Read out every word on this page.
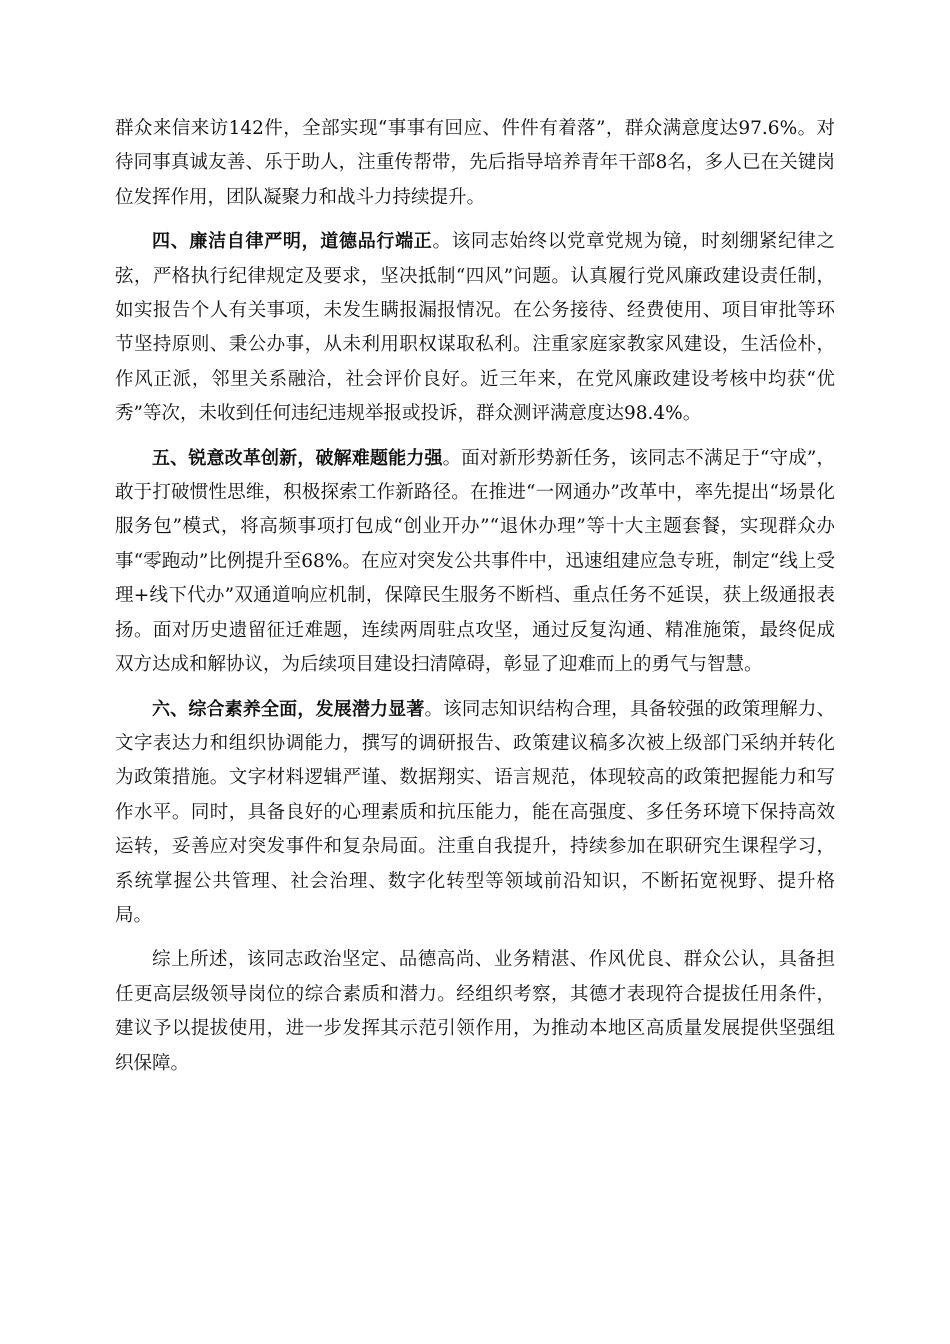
群众来信来访142件，全部实现“事事有回应、件件有着落”，群众满意度达97.6%。对待同事真诚友善、乐于助人，注重传帮带，先后指导培养青年干部8名，多人已在关键岗位发挥作用，团队凝聚力和战斗力持续提升。

四、廉洁自律严明，道德品行端正。该同志始终以党章党规为镜，时刻绷紧纪律之弦，严格执行纪律规定及要求，坚决抵制“四风”问题。认真履行党风廉政建设责任制，如实报告个人有关事项，未发生瞒报漏报情况。在公务接待、经费使用、项目审批等环节坚持原则、秉公办事，从未利用职权谋取私利。注重家庭家教家风建设，生活俭朴，作风正派，邻里关系融洽，社会评价良好。近三年来，在党风廉政建设考核中均获“优秀”等次，未收到任何违纪违规举报或投诉，群众测评满意度达98.4%。

五、锐意改革创新，破解难题能力强。面对新形势新任务，该同志不满足于“守成”，敢于打破惯性思维，积极探索工作新路径。在推进“一网通办”改革中，率先提出“场景化服务包”模式，将高频事项打包成“创业开办”“退休办理”等十大主题套餐，实现群众办事“零跑动”比例提升至68%。在应对突发公共事件中，迅速组建应急专班，制定“线上受理+线下代办”双通道响应机制，保障民生服务不断档、重点任务不延误，获上级通报表扬。面对历史遗留征迁难题，连续两周驻点攻坚，通过反复沟通、精准施策，最终促成双方达成和解协议，为后续项目建设扫清障碍，彰显了迎难而上的勇气与智慧。

六、综合素养全面，发展潜力显著。该同志知识结构合理，具备较强的政策理解力、文字表达力和组织协调能力，撰写的调研报告、政策建议稿多次被上级部门采纳并转化为政策措施。文字材料逻辑严谨、数据翔实、语言规范，体现较高的政策把握能力和写作水平。同时，具备良好的心理素质和抗压能力，能在高强度、多任务环境下保持高效运转，妥善应对突发事件和复杂局面。注重自我提升，持续参加在职研究生课程学习，系统掌握公共管理、社会治理、数字化转型等领域前沿知识，不断拓宽视野、提升格局。

综上所述，该同志政治坚定、品德高尚、业务精湛、作风优良、群众公认，具备担任更高层级领导岗位的综合素质和潜力。经组织考察，其德才表现符合提拔任用条件，建议予以提拔使用，进一步发挥其示范引领作用，为推动本地区高质量发展提供坚强组织保障。
